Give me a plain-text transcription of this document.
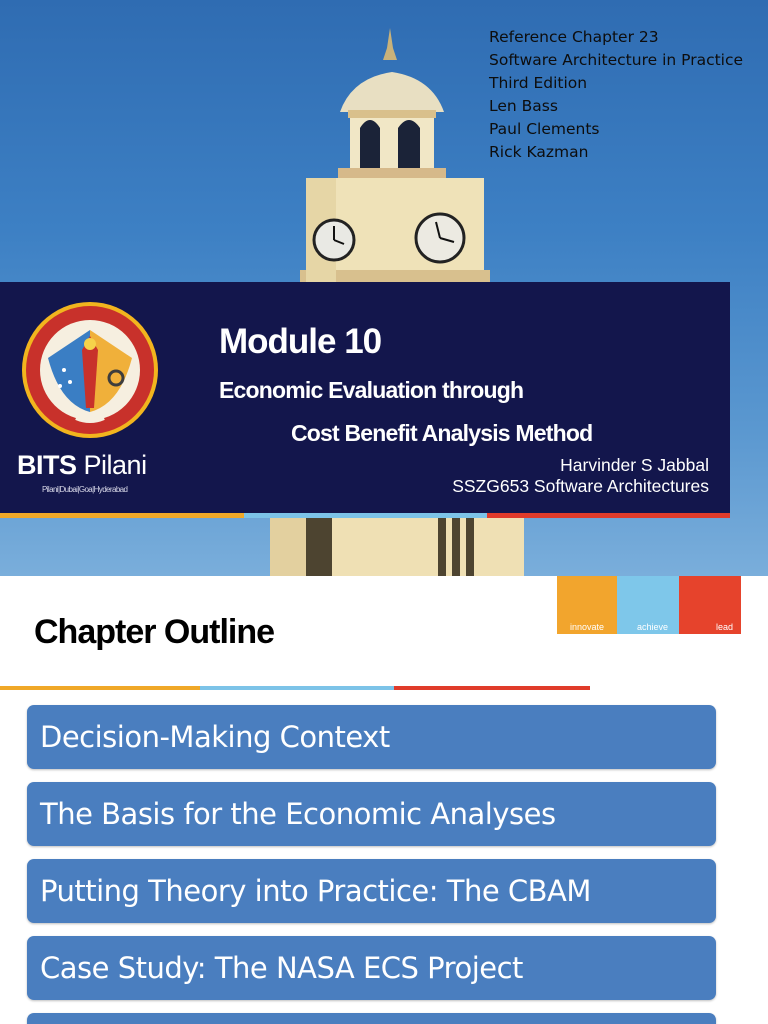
Reference Chapter 23
Software Architecture in Practice
Third Edition
Len Bass
Paul Clements
Rick Kazman
BITS Pilani
Pilani|Dubai|Goa|Hyderabad
Module 10
Economic Evaluation through
Cost Benefit Analysis Method
Harvinder S Jabbal
SSZG653 Software Architectures
Chapter Outline	innovate	achieve	lead
Decision-Making Context
The Basis for the Economic Analyses
Putting Theory into Practice: The CBAM
Case Study: The NASA ECS Project
